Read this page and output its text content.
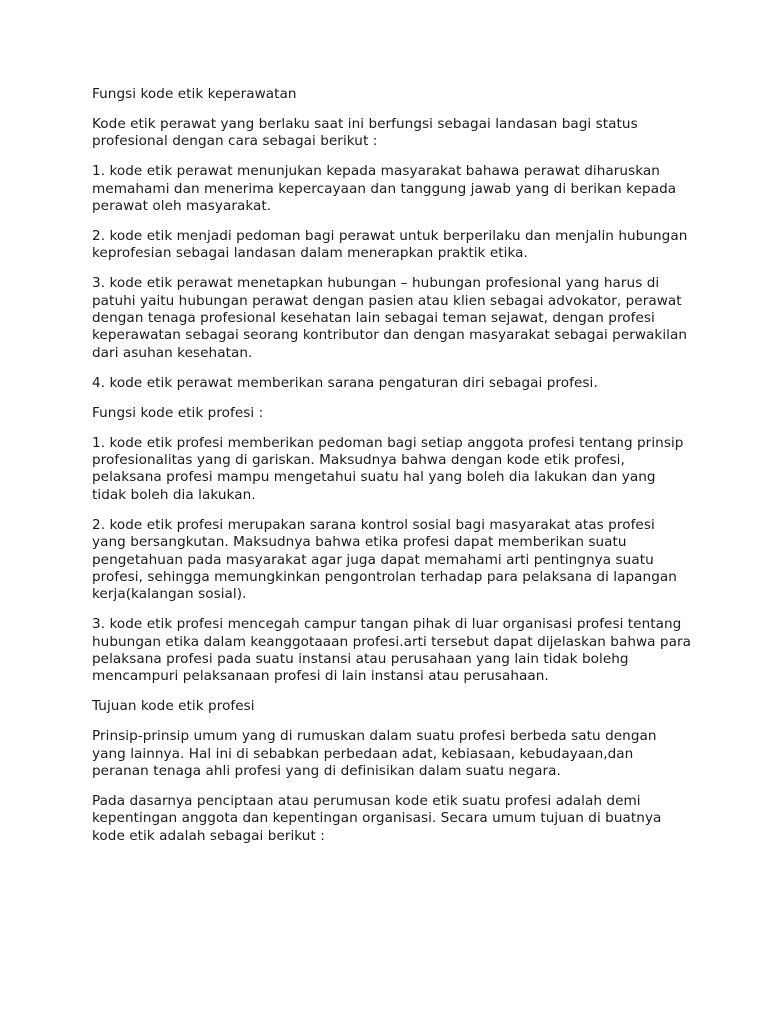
Fungsi kode etik keperawatan

Kode etik perawat yang berlaku saat ini berfungsi sebagai landasan bagi status profesional dengan cara sebagai berikut :

1. kode etik perawat menunjukan kepada masyarakat bahawa perawat diharuskan memahami dan menerima kepercayaan dan tanggung jawab yang di berikan kepada perawat oleh masyarakat.

2. kode etik menjadi pedoman bagi perawat untuk berperilaku dan menjalin hubungan keprofesian sebagai landasan dalam menerapkan praktik etika.

3. kode etik perawat menetapkan hubungan – hubungan profesional yang harus di patuhi yaitu hubungan perawat dengan pasien atau klien sebagai advokator, perawat dengan tenaga profesional kesehatan lain sebagai teman sejawat, dengan profesi keperawatan sebagai seorang kontributor dan dengan masyarakat sebagai perwakilan dari asuhan kesehatan.

4. kode etik perawat memberikan sarana pengaturan diri sebagai profesi.

Fungsi kode etik profesi :

1. kode etik profesi memberikan pedoman bagi setiap anggota profesi tentang prinsip profesionalitas yang di gariskan. Maksudnya bahwa dengan kode etik profesi, pelaksana profesi mampu mengetahui suatu hal yang boleh dia lakukan dan yang tidak boleh dia lakukan.

2. kode etik profesi merupakan sarana kontrol sosial bagi masyarakat atas profesi yang bersangkutan. Maksudnya bahwa etika profesi dapat memberikan suatu pengetahuan pada masyarakat agar juga dapat memahami arti pentingnya suatu profesi, sehingga memungkinkan pengontrolan terhadap para pelaksana di lapangan kerja(kalangan sosial).

3. kode etik profesi mencegah campur tangan pihak di luar organisasi profesi tentang hubungan etika dalam keanggotaaan profesi.arti tersebut dapat dijelaskan bahwa para pelaksana profesi pada suatu instansi atau perusahaan yang lain tidak bolehg mencampuri pelaksanaan profesi di lain instansi atau perusahaan.

Tujuan kode etik profesi

Prinsip-prinsip umum yang di rumuskan dalam suatu profesi berbeda satu dengan yang lainnya. Hal ini di sebabkan perbedaan adat, kebiasaan, kebudayaan,dan peranan tenaga ahli profesi yang di definisikan dalam suatu negara.

Pada dasarnya penciptaan atau perumusan kode etik suatu profesi adalah demi kepentingan anggota dan kepentingan organisasi. Secara umum tujuan di buatnya kode etik adalah sebagai berikut :
